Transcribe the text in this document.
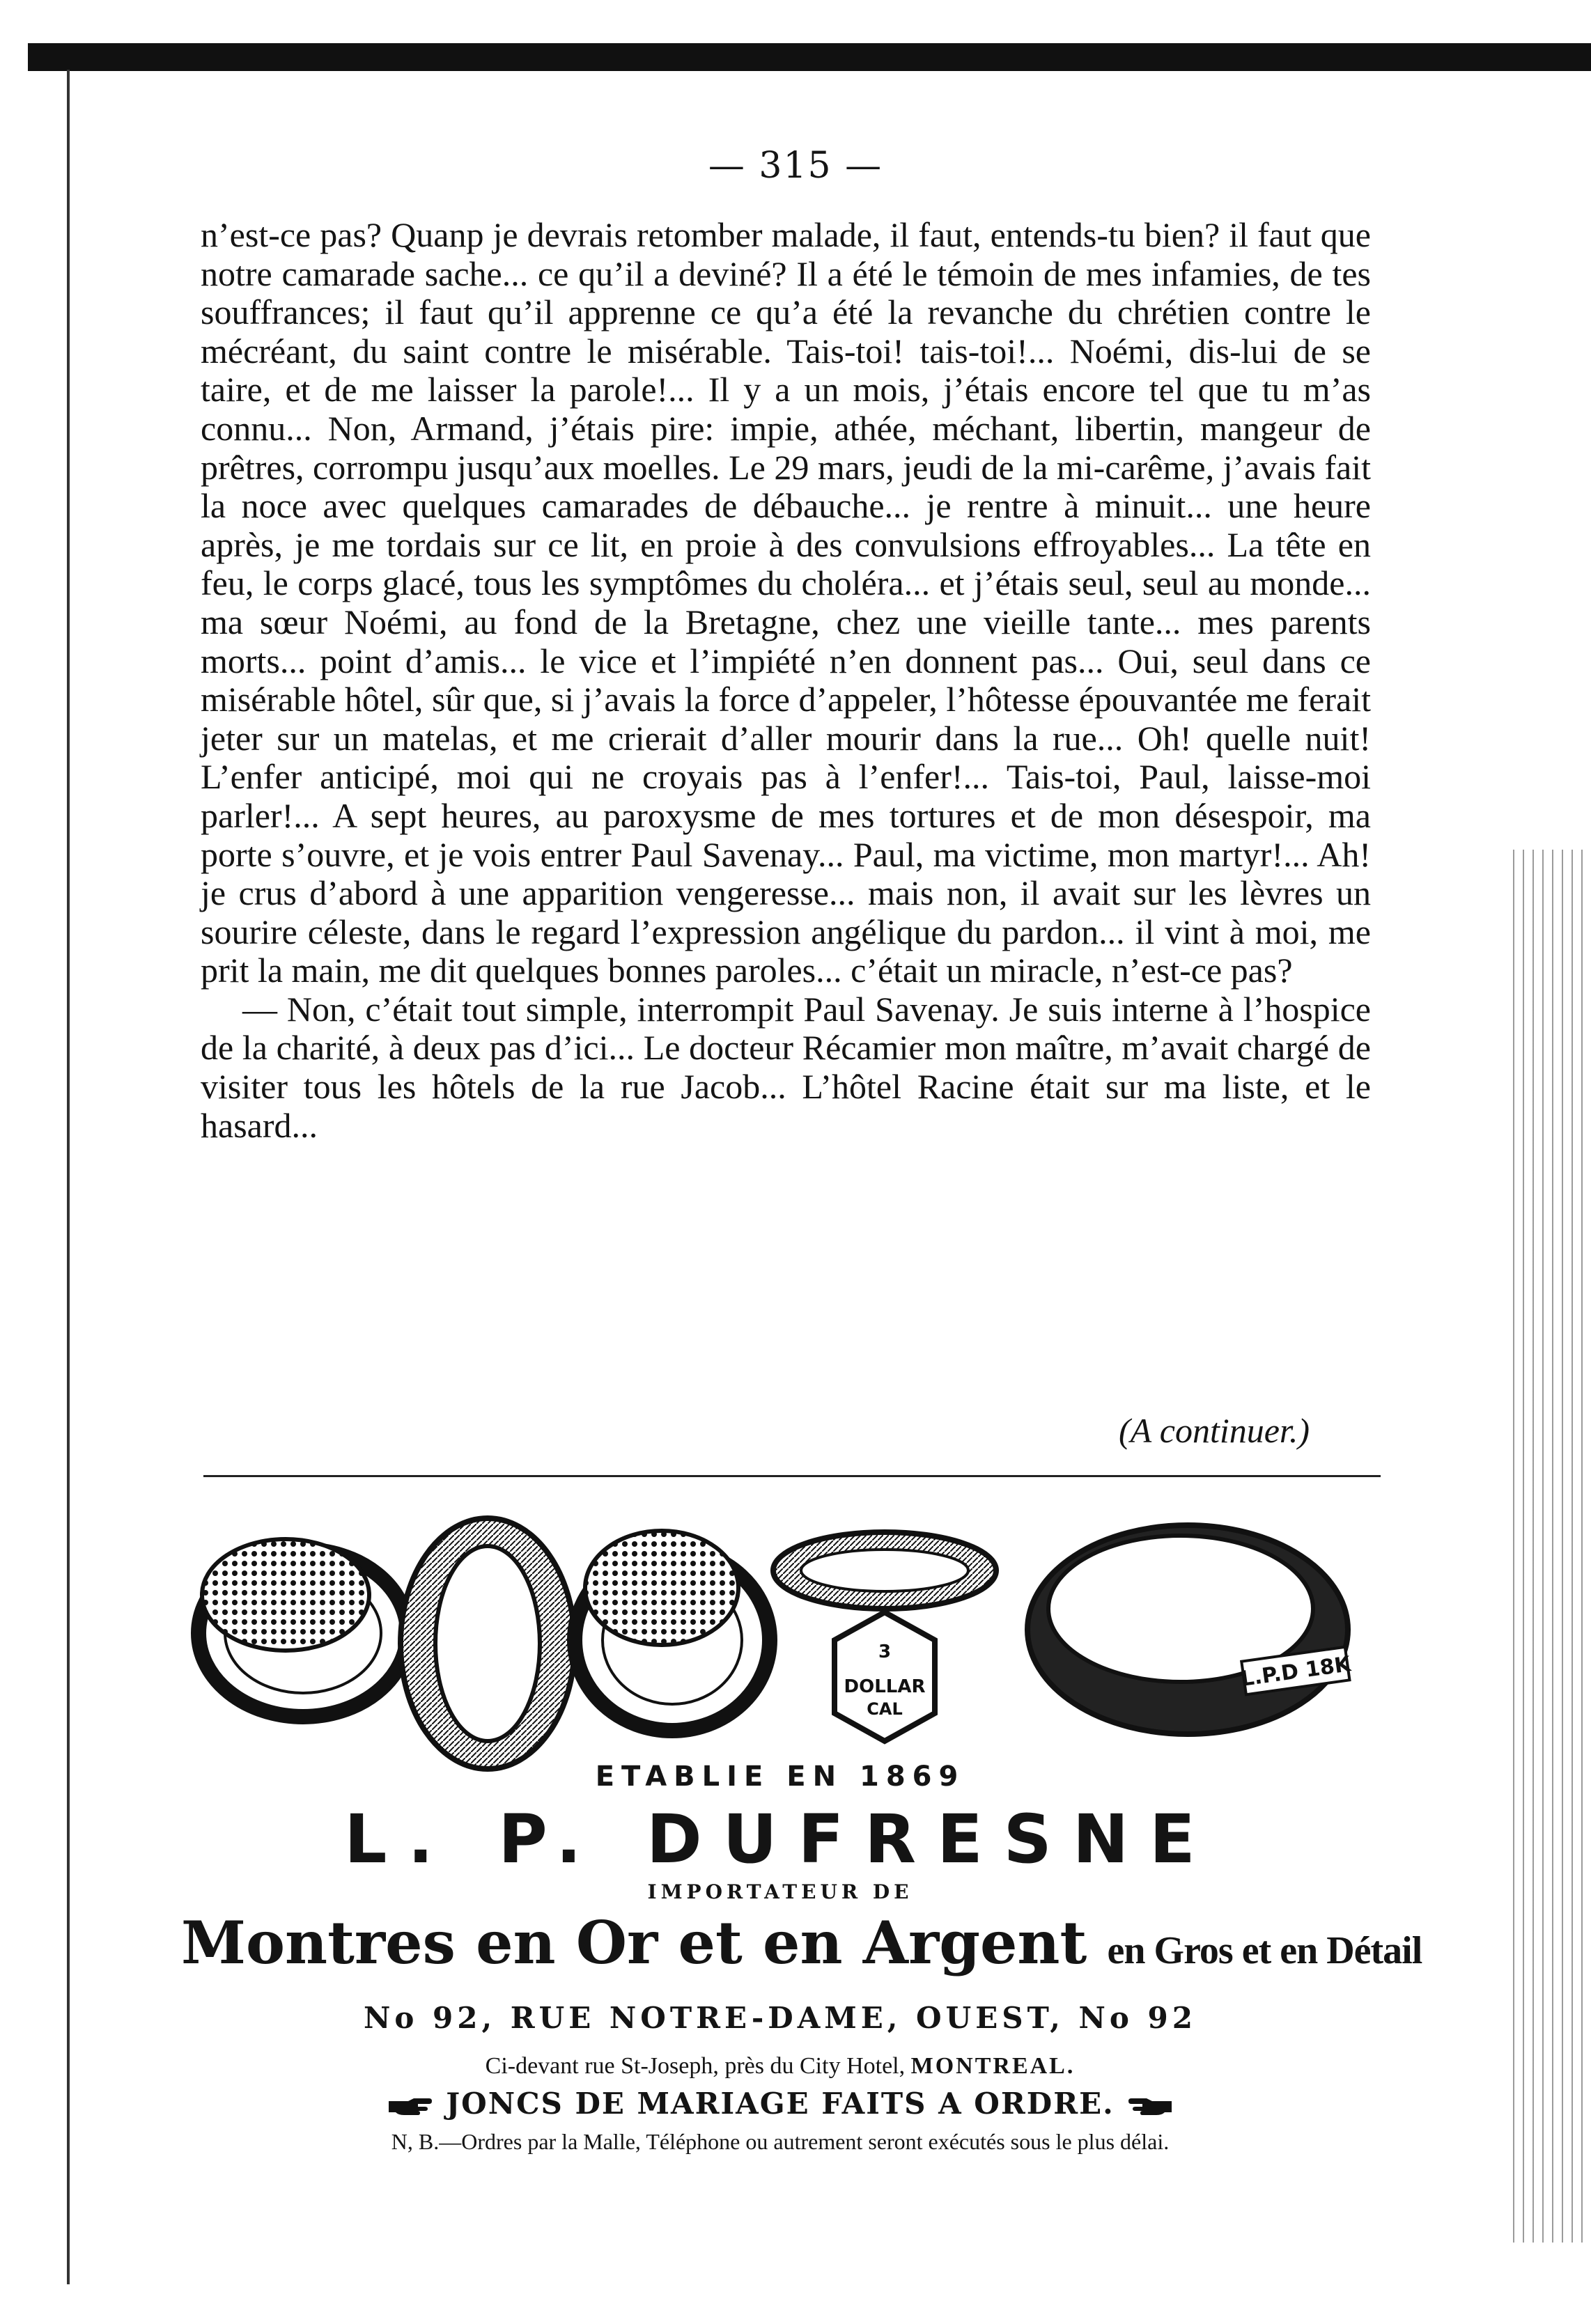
— 315 —

n’est-ce pas? Quanp je devrais retomber malade, il faut, entends-tu bien? il faut que notre camarade sache... ce qu’il a deviné? Il a été le témoin de mes infamies, de tes souffrances; il faut qu’il apprenne ce qu’a été la revanche du chrétien contre le mécréant, du saint contre le misérable. Tais-toi! tais-toi!... Noémi, dis-lui de se taire, et de me laisser la parole!... Il y a un mois, j’étais encore tel que tu m’as connu... Non, Armand, j’étais pire: impie, athée, méchant, libertin, mangeur de prêtres, corrompu jusqu’aux moelles. Le 29 mars, jeudi de la mi-carême, j’avais fait la noce avec quelques camarades de débauche... je rentre à minuit... une heure après, je me tordais sur ce lit, en proie à des convulsions effroyables... La tête en feu, le corps glacé, tous les symptômes du choléra... et j’étais seul, seul au monde... ma sœur Noémi, au fond de la Bretagne, chez une vieille tante... mes parents morts... point d’amis... le vice et l’impiété n’en donnent pas... Oui, seul dans ce misérable hôtel, sûr que, si j’avais la force d’appeler, l’hôtesse épouvantée me ferait jeter sur un matelas, et me crierait d’aller mourir dans la rue... Oh! quelle nuit! L’enfer anticipé, moi qui ne croyais pas à l’enfer!... Tais-toi, Paul, laisse-moi parler!... A sept heures, au paroxysme de mes tortures et de mon désespoir, ma porte s’ouvre, et je vois entrer Paul Savenay... Paul, ma victime, mon martyr!... Ah! je crus d’abord à une apparition vengeresse... mais non, il avait sur les lèvres un sourire céleste, dans le regard l’expression angélique du pardon... il vint à moi, me prit la main, me dit quelques bonnes paroles... c’était un miracle, n’est-ce pas?

— Non, c’était tout simple, interrompit Paul Savenay. Je suis interne à l’hospice de la charité, à deux pas d’ici... Le docteur Récamier mon maître, m’avait chargé de visiter tous les hôtels de la rue Jacob... L’hôtel Racine était sur ma liste, et le hasard...

(A continuer.)
3
DOLLAR
CAL
L.P.D 18K
ETABLIE EN 1869
L. P. DUFRESNE
IMPORTATEUR DE
Montres en Or et en Argent en Gros et en Détail
No 92, RUE NOTRE-DAME, OUEST, No 92
Ci-devant rue St-Joseph, près du City Hotel, MONTREAL.
JONCS DE MARIAGE FAITS A ORDRE.
N, B.—Ordres par la Malle, Téléphone ou autrement seront exécutés sous le plus délai.
